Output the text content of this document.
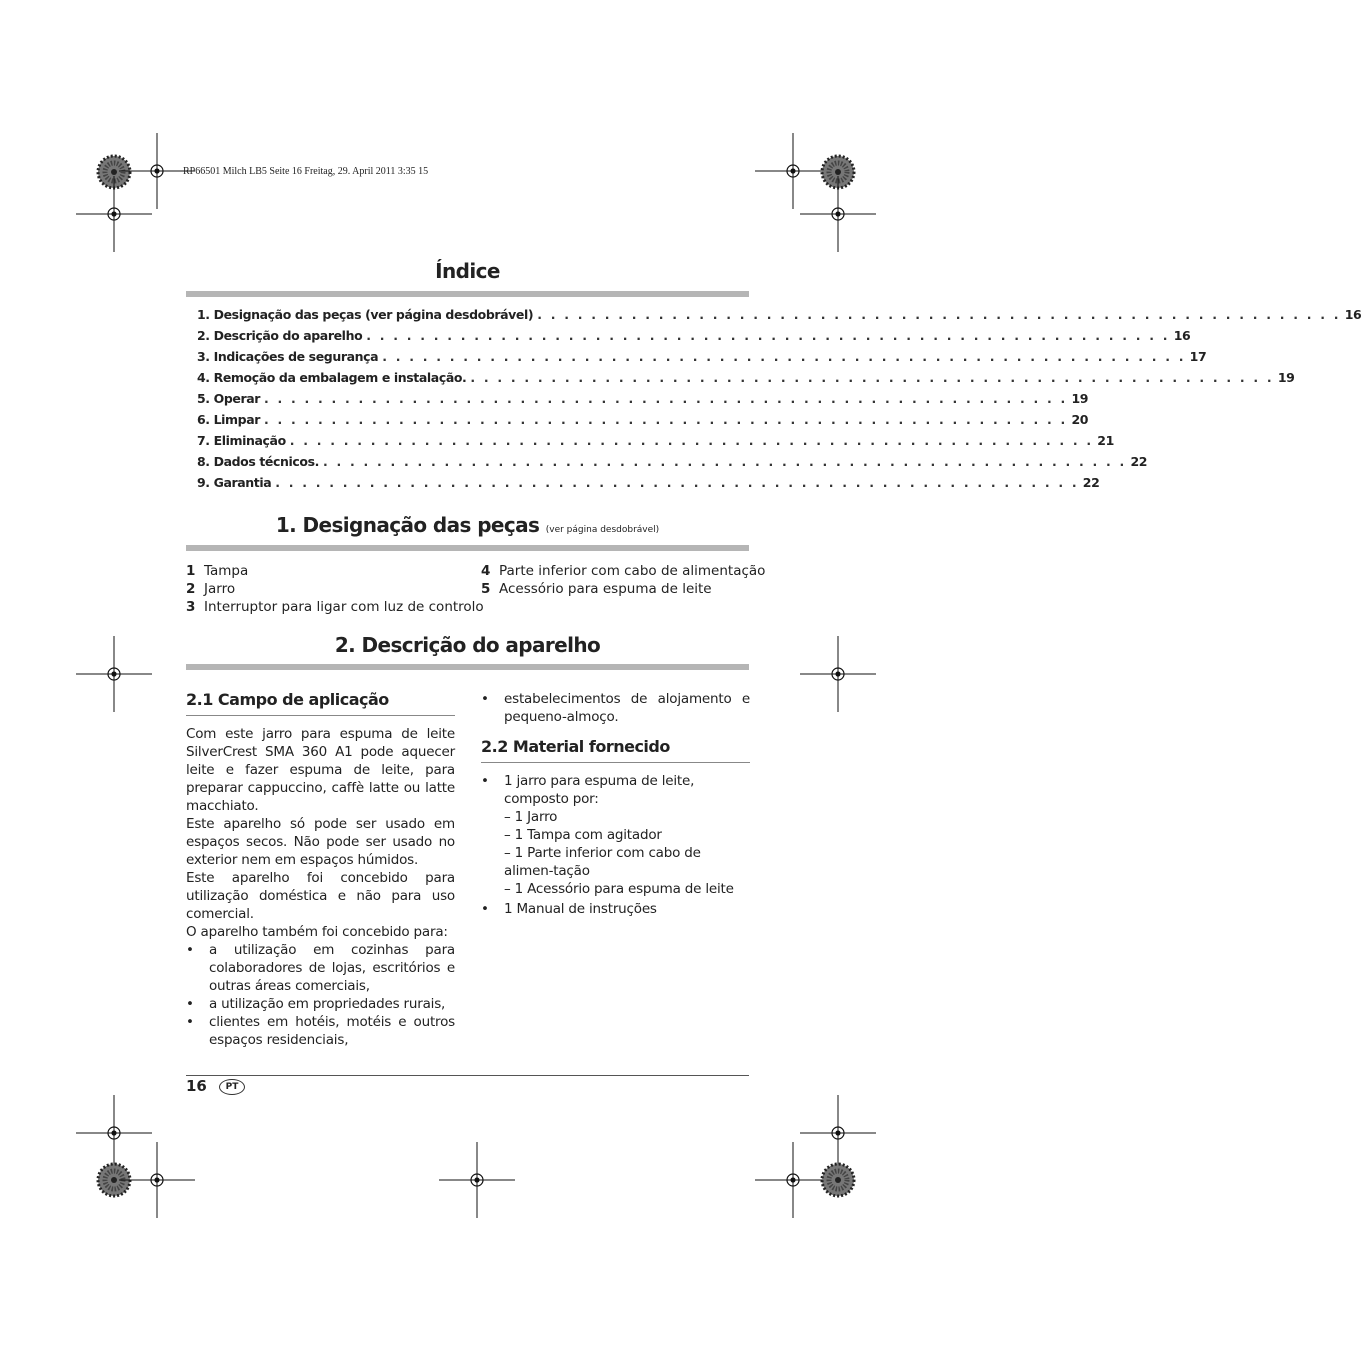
RP66501 Milch LB5 Seite 16 Freitag, 29. April 2011 3:35 15
Índice
1. Designação das peças (ver página desdobrável) . . . . . . . . . . . . . . . . . . . . . . . . . . . . . . . . . . . . . . . . . . . . . . . . . . . . . . . . . . . . 16
2. Descrição do aparelho . . . . . . . . . . . . . . . . . . . . . . . . . . . . . . . . . . . . . . . . . . . . . . . . . . . . . . . . . . . . 16
3. Indicações de segurança . . . . . . . . . . . . . . . . . . . . . . . . . . . . . . . . . . . . . . . . . . . . . . . . . . . . . . . . . . . . 17
4. Remoção da embalagem e instalação. . . . . . . . . . . . . . . . . . . . . . . . . . . . . . . . . . . . . . . . . . . . . . . . . . . . . . . . . . . . . 19
5. Operar . . . . . . . . . . . . . . . . . . . . . . . . . . . . . . . . . . . . . . . . . . . . . . . . . . . . . . . . . . . . 19
6. Limpar . . . . . . . . . . . . . . . . . . . . . . . . . . . . . . . . . . . . . . . . . . . . . . . . . . . . . . . . . . . . 20
7. Eliminação . . . . . . . . . . . . . . . . . . . . . . . . . . . . . . . . . . . . . . . . . . . . . . . . . . . . . . . . . . . . 21
8. Dados técnicos. . . . . . . . . . . . . . . . . . . . . . . . . . . . . . . . . . . . . . . . . . . . . . . . . . . . . . . . . . . . . 22
9. Garantia . . . . . . . . . . . . . . . . . . . . . . . . . . . . . . . . . . . . . . . . . . . . . . . . . . . . . . . . . . . . 22
1. Designação das peças (ver página desdobrável)
1 Tampa
2 Jarro
3 Interruptor para ligar com luz de controlo
4 Parte inferior com cabo de alimentação
5 Acessório para espuma de leite
2. Descrição do aparelho
2.1 Campo de aplicação

Com este jarro para espuma de leite SilverCrest SMA 360 A1 pode aquecer leite e fazer espuma de leite, para preparar cappuccino, caffè latte ou latte macchiato.

Este aparelho só pode ser usado em espaços secos. Não pode ser usado no exterior nem em espaços húmidos.

Este aparelho foi concebido para utilização doméstica e não para uso comercial.

O aparelho também foi concebido para:

• a utilização em cozinhas para colaboradores de lojas, escritórios e outras áreas comerciais,
• a utilização em propriedades rurais,
• clientes em hotéis, motéis e outros espaços residenciais,
• estabelecimentos de alojamento e pequeno-almoço.
2.2 Material fornecido
• 1 jarro para espuma de leite, composto por:
– 1 Jarro
– 1 Tampa com agitador
– 1 Parte inferior com cabo de alimen-tação
– 1 Acessório para espuma de leite
• 1 Manual de instruções
16	PT
